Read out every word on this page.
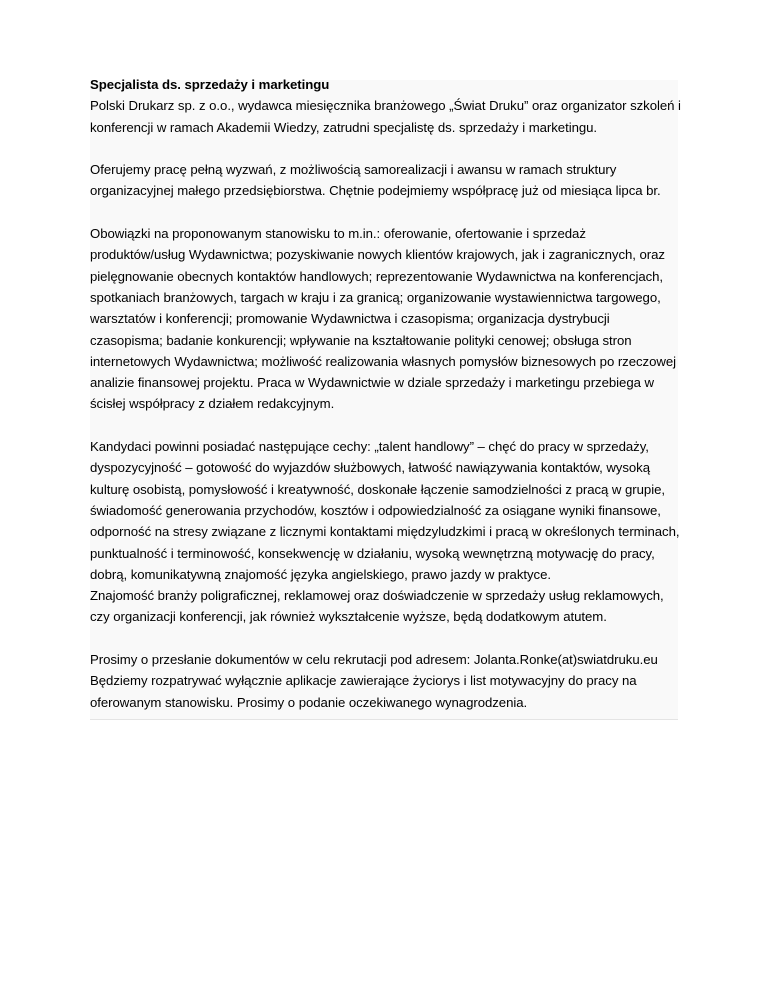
Specjalista ds. sprzedaży i marketingu

Polski Drukarz sp. z o.o., wydawca miesięcznika branżowego „Świat Druku” oraz organizator szkoleń i
konferencji w ramach Akademii Wiedzy, zatrudni specjalistę ds. sprzedaży i marketingu.

Oferujemy pracę pełną wyzwań, z możliwością samorealizacji i awansu w ramach struktury
organizacyjnej małego przedsiębiorstwa. Chętnie podejmiemy współpracę już od miesiąca lipca br.

Obowiązki na proponowanym stanowisku to m.in.: oferowanie, ofertowanie i sprzedaż
produktów/usług Wydawnictwa; pozyskiwanie nowych klientów krajowych, jak i zagranicznych, oraz
pielęgnowanie obecnych kontaktów handlowych; reprezentowanie Wydawnictwa na konferencjach,
spotkaniach branżowych, targach w kraju i za granicą; organizowanie wystawiennictwa targowego,
warsztatów i konferencji; promowanie Wydawnictwa i czasopisma; organizacja dystrybucji
czasopisma; badanie konkurencji; wpływanie na kształtowanie polityki cenowej; obsługa stron
internetowych Wydawnictwa; możliwość realizowania własnych pomysłów biznesowych po rzeczowej
analizie finansowej projektu. Praca w Wydawnictwie w dziale sprzedaży i marketingu przebiega w
ścisłej współpracy z działem redakcyjnym.

Kandydaci powinni posiadać następujące cechy: „talent handlowy” – chęć do pracy w sprzedaży,
dyspozycyjność – gotowość do wyjazdów służbowych, łatwość nawiązywania kontaktów, wysoką
kulturę osobistą, pomysłowość i kreatywność, doskonałe łączenie samodzielności z pracą w grupie,
świadomość generowania przychodów, kosztów i odpowiedzialność za osiągane wyniki finansowe,
odporność na stresy związane z licznymi kontaktami międzyludzkimi i pracą w określonych terminach,
punktualność i terminowość, konsekwencję w działaniu, wysoką wewnętrzną motywację do pracy,
dobrą, komunikatywną znajomość języka angielskiego, prawo jazdy w praktyce.

Znajomość branży poligraficznej, reklamowej oraz doświadczenie w sprzedaży usług reklamowych,
czy organizacji konferencji, jak również wykształcenie wyższe, będą dodatkowym atutem.

Prosimy o przesłanie dokumentów w celu rekrutacji pod adresem: Jolanta.Ronke(at)swiatdruku.eu
Będziemy rozpatrywać wyłącznie aplikacje zawierające życiorys i list motywacyjny do pracy na
oferowanym stanowisku. Prosimy o podanie oczekiwanego wynagrodzenia.
